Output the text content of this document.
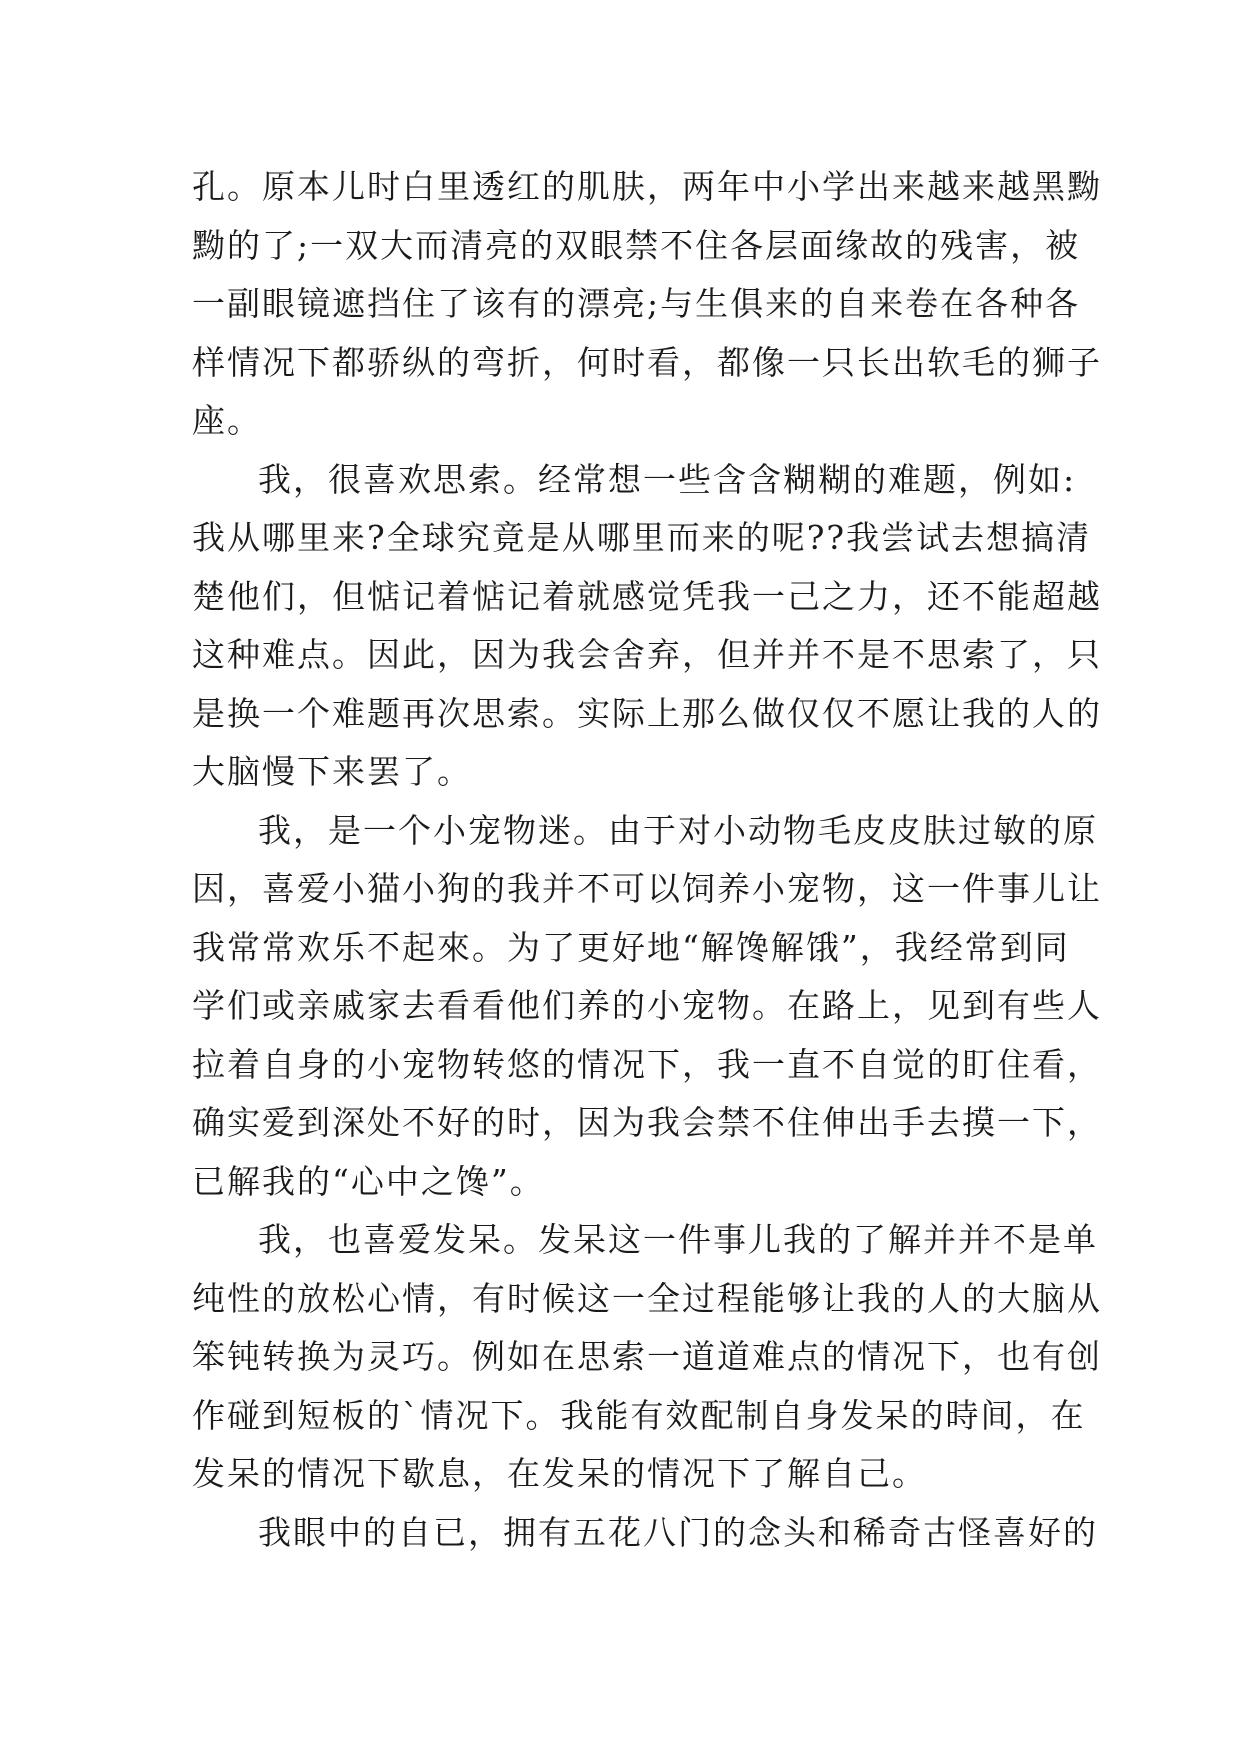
孔。原本儿时白里透红的肌肤，两年中小学出来越来越黑黝
黝的了;一双大而清亮的双眼禁不住各层面缘故的残害，被
一副眼镜遮挡住了该有的漂亮;与生俱来的自来卷在各种各
样情况下都骄纵的弯折，何时看，都像一只长出软毛的狮子
座。
我，很喜欢思索。经常想一些含含糊糊的难题，例如:
我从哪里来?全球究竟是从哪里而来的呢??我尝试去想搞清
楚他们，但惦记着惦记着就感觉凭我一己之力，还不能超越
这种难点。因此，因为我会舍弃，但并并不是不思索了，只
是换一个难题再次思索。实际上那么做仅仅不愿让我的人的
大脑慢下来罢了。
我，是一个小宠物迷。由于对小动物毛皮皮肤过敏的原
因，喜爱小猫小狗的我并不可以饲养小宠物，这一件事儿让
我常常欢乐不起來。为了更好地“解馋解饿”，我经常到同
学们或亲戚家去看看他们养的小宠物。在路上，见到有些人
拉着自身的小宠物转悠的情况下，我一直不自觉的盯住看，
确实爱到深处不好的时，因为我会禁不住伸出手去摸一下，
已解我的“心中之馋”。
我，也喜爱发呆。发呆这一件事儿我的了解并并不是单
纯性的放松心情，有时候这一全过程能够让我的人的大脑从
笨钝转换为灵巧。例如在思索一道道难点的情况下，也有创
作碰到短板的`情况下。我能有效配制自身发呆的時间，在
发呆的情况下歇息，在发呆的情况下了解自己。
我眼中的自已，拥有五花八门的念头和稀奇古怪喜好的
